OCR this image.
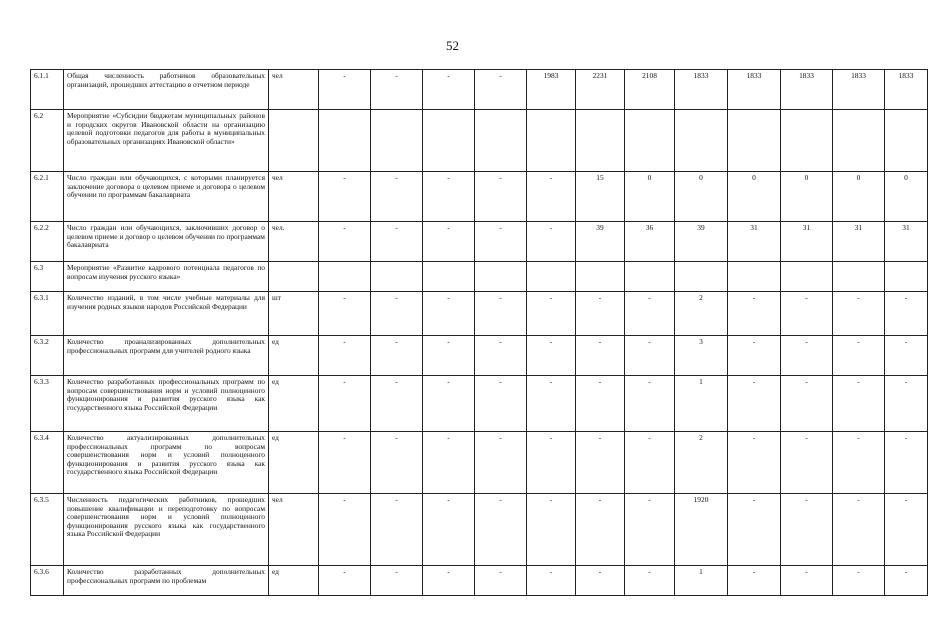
52
6.1.1	Общая численность работников образовательных организаций, прошедших аттестацию в отчетном периоде	чел	-	-	-	-	1983	2231	2108	1833	1833	1833	1833	1833
6.2	Мероприятие «Субсидии бюджетам муниципальных районов и городских округов Ивановской области на организацию целевой подготовки педагогов для работы в муниципальных образовательных организациях Ивановской области»													
6.2.1	Число граждан или обучающихся, с которыми планируется заключение договора о целевом приеме и договора о целевом обучении по программам бакалавриата	чел	-	-	-	-	-	15	0	0	0	0	0	0
6.2.2	Число граждан или обучающихся, заключивших договор о целевом приеме и договор о целевом обучении по программам бакалавриата	чел.	-	-	-	-	-	39	36	39	31	31	31	31
6.3	Мероприятие «Развитие кадрового потенциала педагогов по вопросам изучения русского языка»													
6.3.1	Количество изданий, в том числе учебные материалы для изучения родных языков народов Российской Федерации	шт	-	-	-	-	-	-	-	2	-	-	-	-
6.3.2	Количество проанализированных дополнительных профессиональных программ для учителей родного языка	ед	-	-	-	-	-	-	-	3	-	-	-	-
6.3.3	Количество разработанных профессиональных программ по вопросам совершенствования норм и условий полноценного функционирования и развития русского языка как государственного языка Российской Федерации	ед	-	-	-	-	-	-	-	1	-	-	-	-
6.3.4	Количество актуализированных дополнительных профессиональных программ по вопросам совершенствования норм и условий полноценного функционирования и развития русского языка как государственного языка Российской Федерации	ед	-	-	-	-	-	-	-	2	-	-	-	-
6.3.5	Численность педагогических работников, прошедших повышение квалификации и переподготовку по вопросам совершенствования норм и условий полноценного функционирования русского языка как государственного языка Российской Федерации	чел	-	-	-	-	-	-	-	1920	-	-	-	-
6.3.6	Количество разработанных дополнительных профессиональных программ по проблемам	ед	-	-	-	-	-	-	-	1	-	-	-	-
